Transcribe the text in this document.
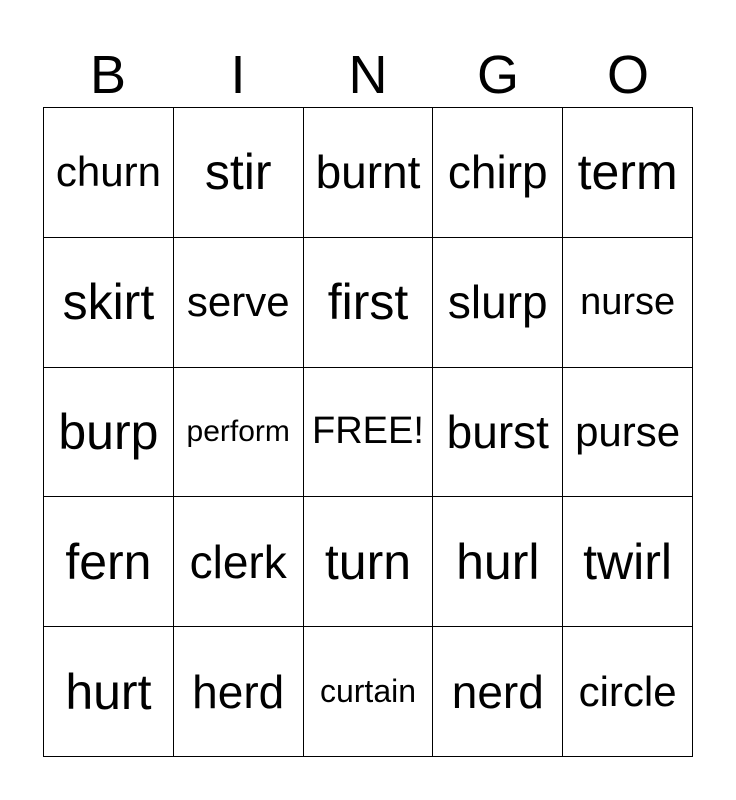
B	I	N	G	O
churn stir burnt chirp term
skirt serve first slurp nurse
burp perform FREE! burst purse
fern clerk turn hurl twirl
hurt herd curtain nerd circle
